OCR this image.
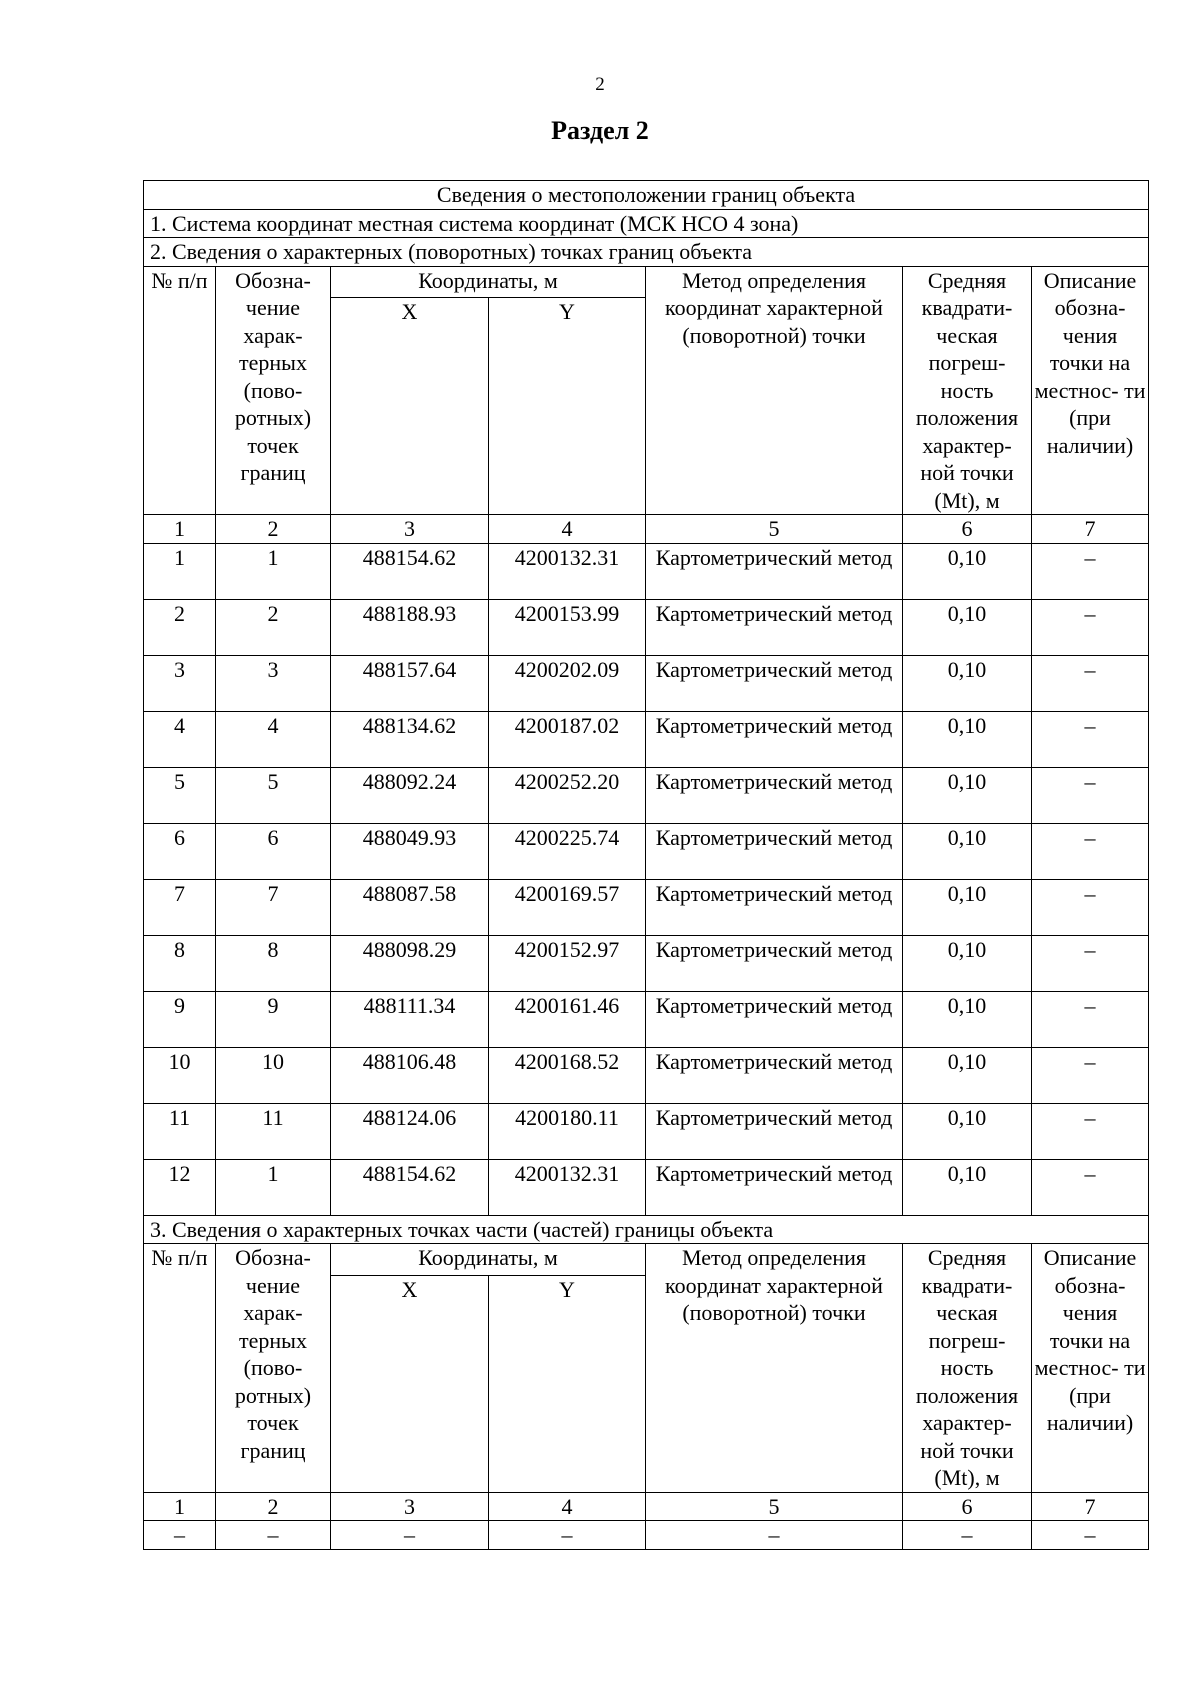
2
Раздел 2
Сведения о местоположении границ объекта						
1. Система координат местная система координат (МСК НСО 4 зона)						
2. Сведения о характерных (поворотных) точках границ объекта						
№ п/п	Обозна- чение харак- терных (пово- ротных) точек границ	Координаты, м		Метод определения координат характерной (поворотной) точки	Средняя квадрати- ческая погреш- ность положения характер- ной точки (Mt), м	Описание обозна- чения точки на местнос- ти (при наличии)
		X	Y			
1	2	3	4	5	6	7
1	1	488154.62	4200132.31	Картометрический метод	0,10	–
2	2	488188.93	4200153.99	Картометрический метод	0,10	–
3	3	488157.64	4200202.09	Картометрический метод	0,10	–
4	4	488134.62	4200187.02	Картометрический метод	0,10	–
5	5	488092.24	4200252.20	Картометрический метод	0,10	–
6	6	488049.93	4200225.74	Картометрический метод	0,10	–
7	7	488087.58	4200169.57	Картометрический метод	0,10	–
8	8	488098.29	4200152.97	Картометрический метод	0,10	–
9	9	488111.34	4200161.46	Картометрический метод	0,10	–
10	10	488106.48	4200168.52	Картометрический метод	0,10	–
11	11	488124.06	4200180.11	Картометрический метод	0,10	–
12	1	488154.62	4200132.31	Картометрический метод	0,10	–
3. Сведения о характерных точках части (частей) границы объекта						
№ п/п	Обозна- чение харак- терных (пово- ротных) точек границ	Координаты, м		Метод определения координат характерной (поворотной) точки	Средняя квадрати- ческая погреш- ность положения характер- ной точки (Mt), м	Описание обозна- чения точки на местнос- ти (при наличии)
		X	Y			
1	2	3	4	5	6	7
–	–	–	–	–	–	–
